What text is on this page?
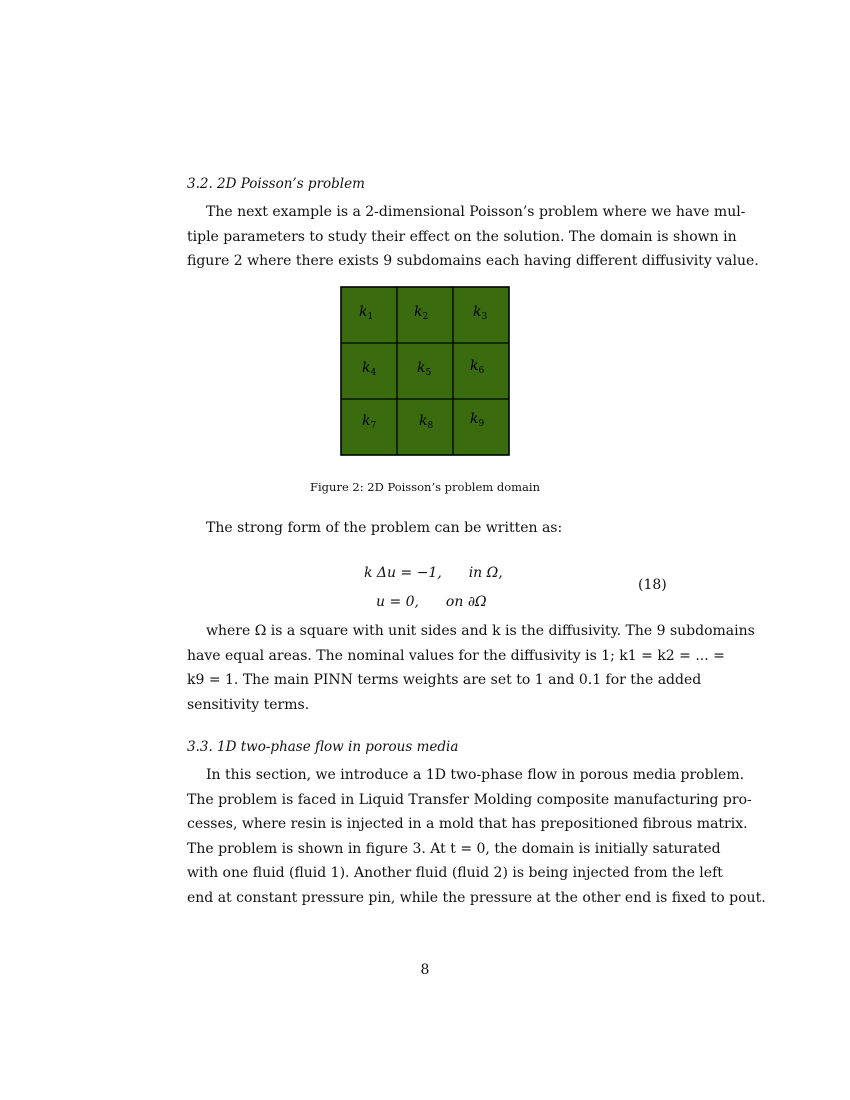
3.2. 2D Poisson’s problem
The next example is a 2-dimensional Poisson’s problem where we have mul-
tiple parameters to study their effect on the solution. The domain is shown in
figure 2 where there exists 9 subdomains each having different diffusivity value.
$k_1$	$k_2$	$k_3$
$k_4$	$k_5$	$k_6$
$k_7$	$k_8$	$k_9$
Figure 2: 2D Poisson’s problem domain
The strong form of the problem can be written as:
k Δu = −1, in Ω,
u = 0, on ∂Ω
(18)
where Ω is a square with unit sides and k is the diffusivity. The 9 subdomains
have equal areas. The nominal values for the diffusivity is 1; k1 = k2 = ... =
k9 = 1. The main PINN terms weights are set to 1 and 0.1 for the added
sensitivity terms.
3.3. 1D two-phase flow in porous media
In this section, we introduce a 1D two-phase flow in porous media problem.
The problem is faced in Liquid Transfer Molding composite manufacturing pro-
cesses, where resin is injected in a mold that has prepositioned fibrous matrix.
The problem is shown in figure 3. At t = 0, the domain is initially saturated
with one fluid (fluid 1). Another fluid (fluid 2) is being injected from the left
end at constant pressure pin, while the pressure at the other end is fixed to pout.
8
